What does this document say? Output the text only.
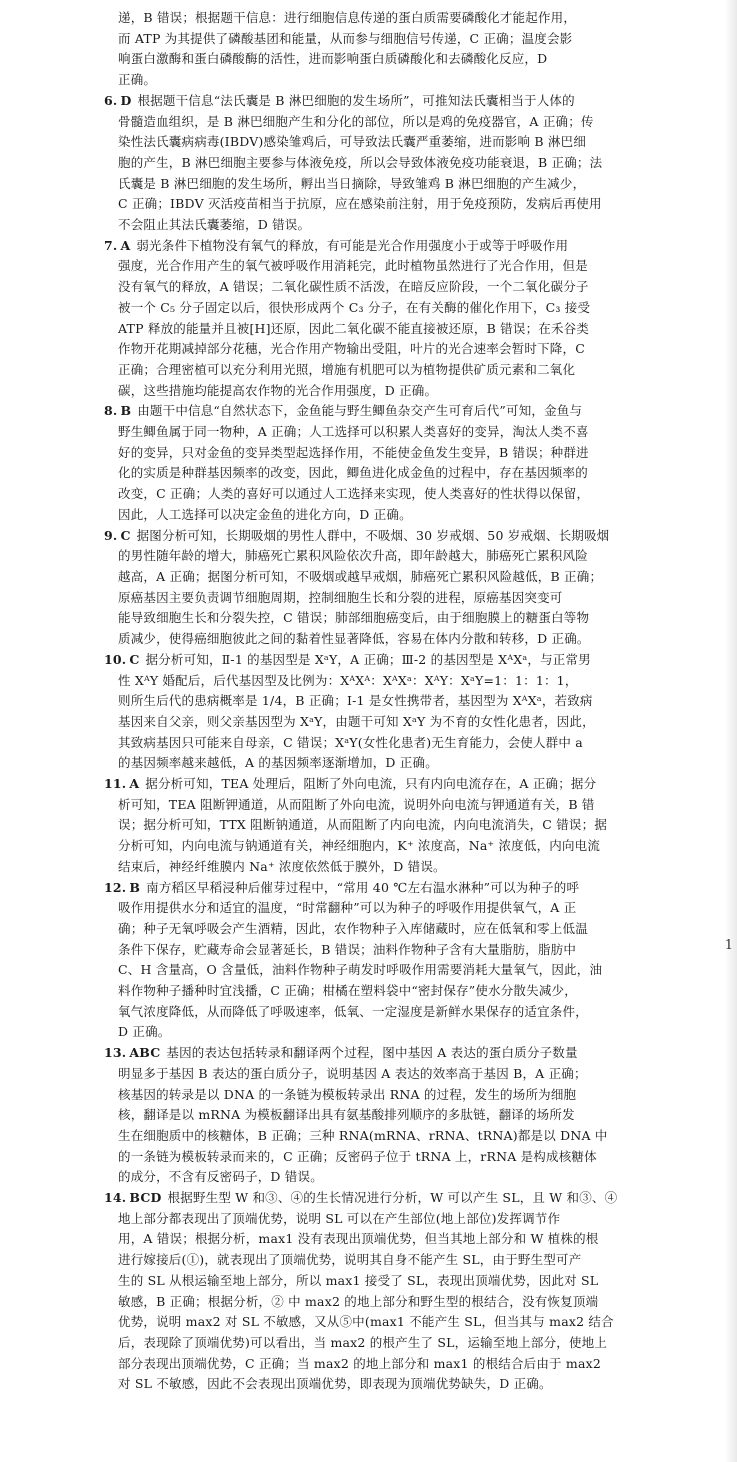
1
递，B 错误；根据题干信息：进行细胞信息传递的蛋白质需要磷酸化才能起作用，
而 ATP 为其提供了磷酸基团和能量，从而参与细胞信号传递，C 正确；温度会影
响蛋白激酶和蛋白磷酸酶的活性，进而影响蛋白质磷酸化和去磷酸化反应，D
正确。
6. D 根据题干信息“法氏囊是 B 淋巴细胞的发生场所”，可推知法氏囊相当于人体的
骨髓造血组织，是 B 淋巴细胞产生和分化的部位，所以是鸡的免疫器官，A 正确；传
染性法氏囊病病毒(IBDV)感染雏鸡后，可导致法氏囊严重萎缩，进而影响 B 淋巴细
胞的产生，B 淋巴细胞主要参与体液免疫，所以会导致体液免疫功能衰退，B 正确；法
氏囊是 B 淋巴细胞的发生场所，孵出当日摘除，导致雏鸡 B 淋巴细胞的产生减少，
C 正确；IBDV 灭活疫苗相当于抗原，应在感染前注射，用于免疫预防，发病后再使用
不会阻止其法氏囊萎缩，D 错误。
7. A 弱光条件下植物没有氧气的释放，有可能是光合作用强度小于或等于呼吸作用
强度，光合作用产生的氧气被呼吸作用消耗完，此时植物虽然进行了光合作用，但是
没有氧气的释放，A 错误；二氧化碳性质不活泼，在暗反应阶段，一个二氧化碳分子
被一个 C₅ 分子固定以后，很快形成两个 C₃ 分子，在有关酶的催化作用下，C₃ 接受
ATP 释放的能量并且被[H]还原，因此二氧化碳不能直接被还原，B 错误；在禾谷类
作物开花期减掉部分花穗，光合作用产物输出受阻，叶片的光合速率会暂时下降，C
正确；合理密植可以充分利用光照，增施有机肥可以为植物提供矿质元素和二氧化
碳，这些措施均能提高农作物的光合作用强度，D 正确。
8. B 由题干中信息“自然状态下，金鱼能与野生鲫鱼杂交产生可育后代”可知，金鱼与
野生鲫鱼属于同一物种，A 正确；人工选择可以积累人类喜好的变异，淘汰人类不喜
好的变异，只对金鱼的变异类型起选择作用，不能使金鱼发生变异，B 错误；种群进
化的实质是种群基因频率的改变，因此，鲫鱼进化成金鱼的过程中，存在基因频率的
改变，C 正确；人类的喜好可以通过人工选择来实现，使人类喜好的性状得以保留，
因此，人工选择可以决定金鱼的进化方向，D 正确。
9. C 据图分析可知，长期吸烟的男性人群中，不吸烟、30 岁戒烟、50 岁戒烟、长期吸烟
的男性随年龄的增大，肺癌死亡累积风险依次升高，即年龄越大，肺癌死亡累积风险
越高，A 正确；据图分析可知，不吸烟或越早戒烟，肺癌死亡累积风险越低，B 正确；
原癌基因主要负责调节细胞周期，控制细胞生长和分裂的进程，原癌基因突变可
能导致细胞生长和分裂失控，C 错误；肺部细胞癌变后，由于细胞膜上的糖蛋白等物
质减少，使得癌细胞彼此之间的黏着性显著降低，容易在体内分散和转移，D 正确。
10. C 据分析可知，Ⅱ-1 的基因型是 XᵃY，A 正确；Ⅲ-2 的基因型是 XᴬXᵃ，与正常男
性 XᴬY 婚配后，后代基因型及比例为：XᴬXᴬ：XᴬXᵃ：XᴬY：XᵃY=1：1：1：1，
则所生后代的患病概率是 1/4，B 正确；Ⅰ-1 是女性携带者，基因型为 XᴬXᵃ，若致病
基因来自父亲，则父亲基因型为 XᵃY，由题干可知 XᵃY 为不育的女性化患者，因此，
其致病基因只可能来自母亲，C 错误；XᵃY(女性化患者)无生育能力，会使人群中 a
的基因频率越来越低，A 的基因频率逐渐增加，D 正确。
11. A 据分析可知，TEA 处理后，阻断了外向电流，只有内向电流存在，A 正确；据分
析可知，TEA 阻断钾通道，从而阻断了外向电流，说明外向电流与钾通道有关，B 错
误；据分析可知，TTX 阻断钠通道，从而阻断了内向电流，内向电流消失，C 错误；据
分析可知，内向电流与钠通道有关，神经细胞内，K⁺ 浓度高，Na⁺ 浓度低，内向电流
结束后，神经纤维膜内 Na⁺ 浓度依然低于膜外，D 错误。
12. B 南方稻区早稻浸种后催芽过程中，“常用 40 ℃左右温水淋种”可以为种子的呼
吸作用提供水分和适宜的温度，“时常翻种”可以为种子的呼吸作用提供氧气，A 正
确；种子无氧呼吸会产生酒精，因此，农作物种子入库储藏时，应在低氧和零上低温
条件下保存，贮藏寿命会显著延长，B 错误；油料作物种子含有大量脂肪，脂肪中
C、H 含量高，O 含量低，油料作物种子萌发时呼吸作用需要消耗大量氧气，因此，油
料作物种子播种时宜浅播，C 正确；柑橘在塑料袋中“密封保存”使水分散失减少，
氧气浓度降低，从而降低了呼吸速率，低氧、一定湿度是新鲜水果保存的适宜条件，
D 正确。
13. ABC 基因的表达包括转录和翻译两个过程，图中基因 A 表达的蛋白质分子数量
明显多于基因 B 表达的蛋白质分子，说明基因 A 表达的效率高于基因 B，A 正确；
核基因的转录是以 DNA 的一条链为模板转录出 RNA 的过程，发生的场所为细胞
核，翻译是以 mRNA 为模板翻译出具有氨基酸排列顺序的多肽链，翻译的场所发
生在细胞质中的核糖体，B 正确；三种 RNA(mRNA、rRNA、tRNA)都是以 DNA 中
的一条链为模板转录而来的，C 正确；反密码子位于 tRNA 上，rRNA 是构成核糖体
的成分，不含有反密码子，D 错误。
14. BCD 根据野生型 W 和③、④的生长情况进行分析，W 可以产生 SL，且 W 和③、④
地上部分都表现出了顶端优势，说明 SL 可以在产生部位(地上部位)发挥调节作
用，A 错误；根据分析，max1 没有表现出顶端优势，但当其地上部分和 W 植株的根
进行嫁接后(①)，就表现出了顶端优势，说明其自身不能产生 SL，由于野生型可产
生的 SL 从根运输至地上部分，所以 max1 接受了 SL，表现出顶端优势，因此对 SL
敏感，B 正确；根据分析，② 中 max2 的地上部分和野生型的根结合，没有恢复顶端
优势，说明 max2 对 SL 不敏感，又从⑤中(max1 不能产生 SL，但当其与 max2 结合
后，表现除了顶端优势)可以看出，当 max2 的根产生了 SL，运输至地上部分，使地上
部分表现出顶端优势，C 正确；当 max2 的地上部分和 max1 的根结合后由于 max2
对 SL 不敏感，因此不会表现出顶端优势，即表现为顶端优势缺失，D 正确。
